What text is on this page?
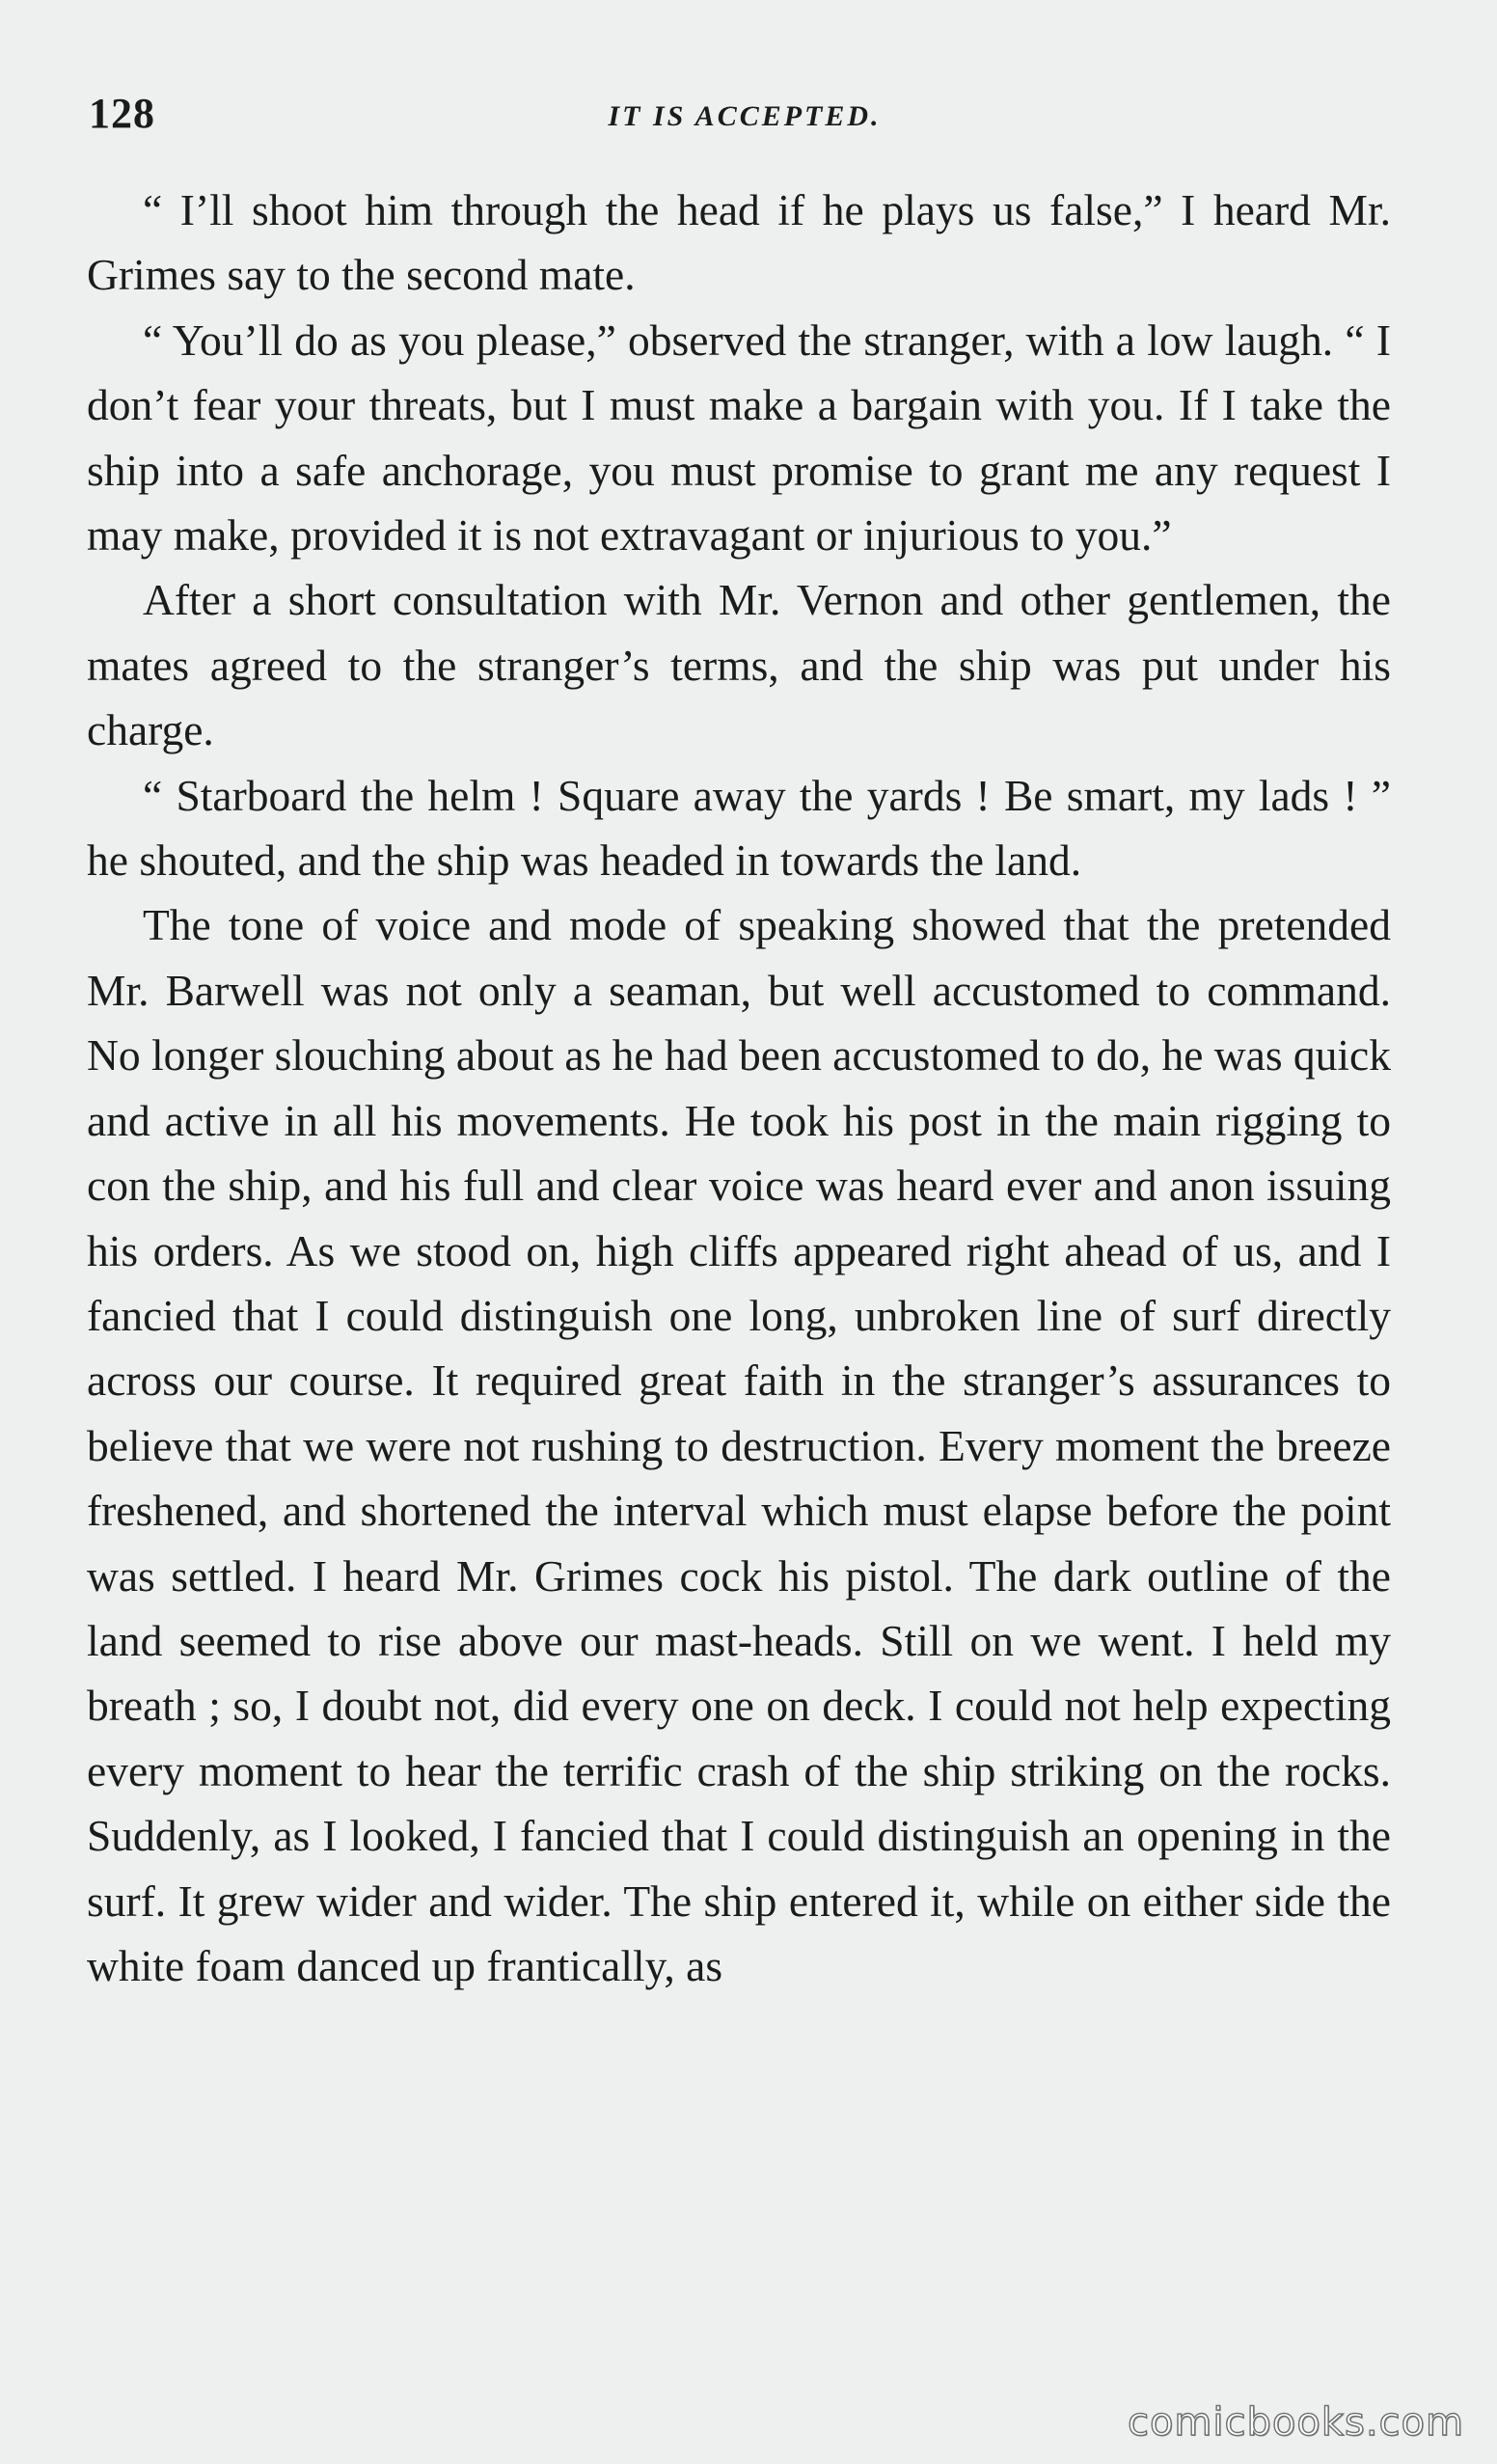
128	IT IS ACCEPTED.

“ I’ll shoot him through the head if he plays us false,” I heard Mr. Grimes say to the second mate.

“ You’ll do as you please,” observed the stranger, with a low laugh. “ I don’t fear your threats, but I must make a bargain with you. If I take the ship into a safe anchorage, you must promise to grant me any request I may make, provided it is not extravagant or injurious to you.”

After a short consultation with Mr. Vernon and other gentlemen, the mates agreed to the stranger’s terms, and the ship was put under his charge.

“ Starboard the helm ! Square away the yards ! Be smart, my lads ! ” he shouted, and the ship was headed in towards the land.

The tone of voice and mode of speaking showed that the pretended Mr. Barwell was not only a seaman, but well accustomed to command. No longer slouching about as he had been accustomed to do, he was quick and active in all his movements. He took his post in the main rigging to con the ship, and his full and clear voice was heard ever and anon issuing his orders. As we stood on, high cliffs appeared right ahead of us, and I fancied that I could distinguish one long, unbroken line of surf directly across our course. It required great faith in the stranger’s assurances to believe that we were not rushing to destruction. Every moment the breeze freshened, and shortened the interval which must elapse before the point was settled. I heard Mr. Grimes cock his pistol. The dark outline of the land seemed to rise above our mast-heads. Still on we went. I held my breath ; so, I doubt not, did every one on deck. I could not help expecting every moment to hear the terrific crash of the ship striking on the rocks. Suddenly, as I looked, I fancied that I could distinguish an opening in the surf. It grew wider and wider. The ship entered it, while on either side the white foam danced up frantically, as

comicbooks.com
